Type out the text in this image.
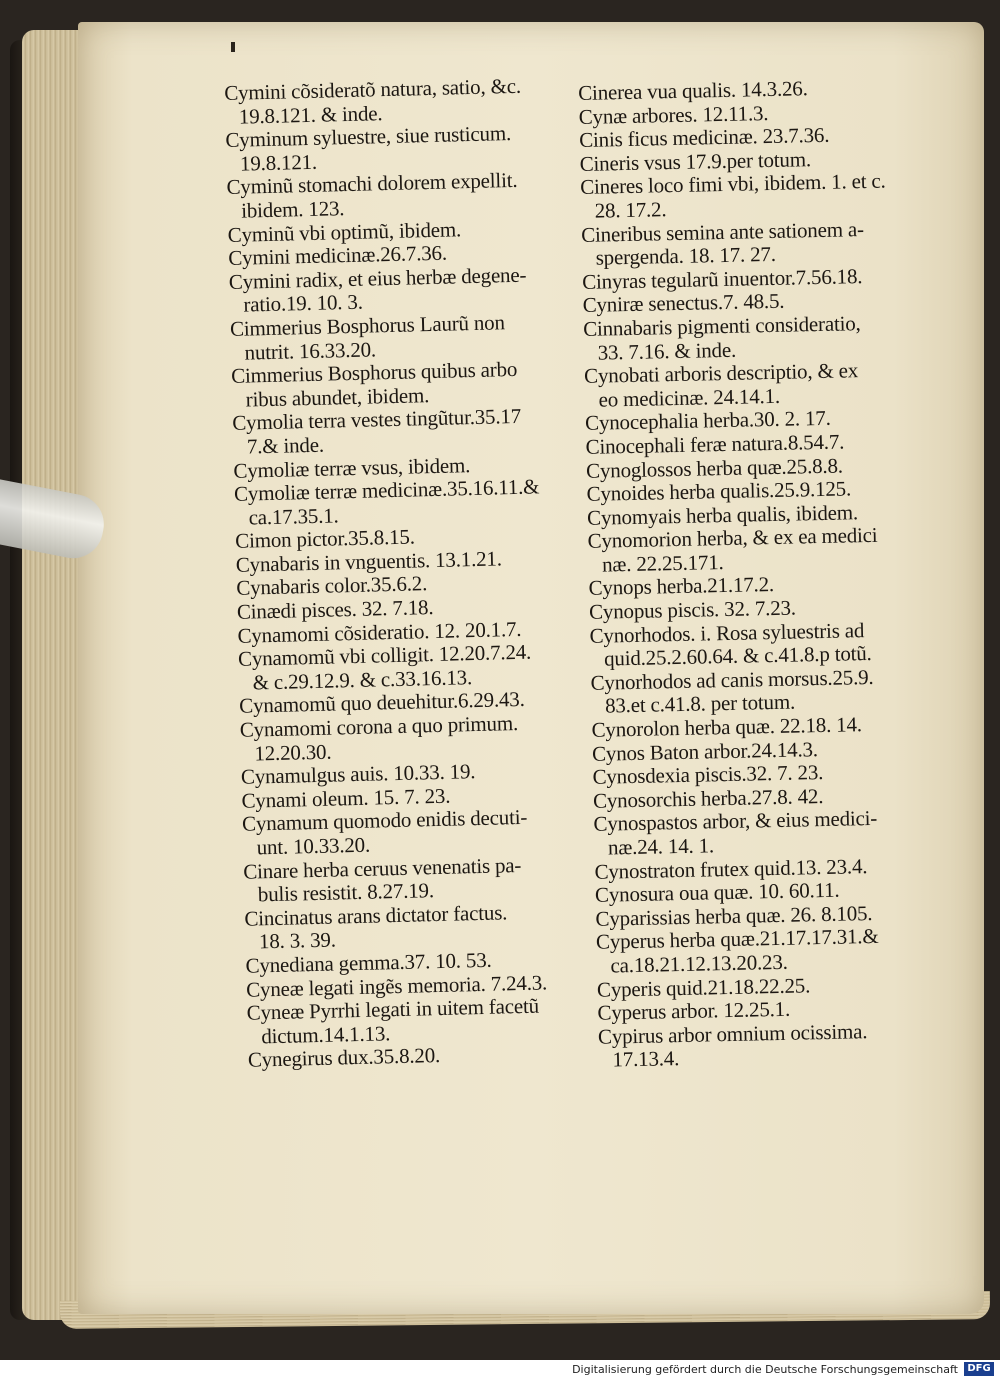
Cymini cõsideratõ natura, satio, &c.
19.8.121. & inde.
Cyminum syluestre, siue rusticum.
19.8.121.
Cyminũ stomachi dolorem expellit.
ibidem. 123.
Cyminũ vbi optimũ, ibidem.
Cymini medicinæ.26.7.36.
Cymini radix, et eius herbæ degene-
ratio.19. 10. 3.
Cimmerius Bosphorus Laurũ non
nutrit. 16.33.20.
Cimmerius Bosphorus quibus arbo
ribus abundet, ibidem.
Cymolia terra vestes tingũtur.35.17
7.& inde.
Cymoliæ terræ vsus, ibidem.
Cymoliæ terræ medicinæ.35.16.11.&
ca.17.35.1.
Cimon pictor.35.8.15.
Cynabaris in vnguentis. 13.1.21.
Cynabaris color.35.6.2.
Cinædi pisces. 32. 7.18.
Cynamomi cõsideratio. 12. 20.1.7.
Cynamomũ vbi colligit. 12.20.7.24.
& c.29.12.9. & c.33.16.13.
Cynamomũ quo deuehitur.6.29.43.
Cynamomi corona a quo primum.
12.20.30.
Cynamulgus auis. 10.33. 19.
Cynami oleum. 15. 7. 23.
Cynamum quomodo enidis decuti-
unt. 10.33.20.
Cinare herba ceruus venenatis pa-
bulis resistit. 8.27.19.
Cincinatus arans dictator factus.
18. 3. 39.
Cynediana gemma.37. 10. 53.
Cyneæ legati ingẽs memoria. 7.24.3.
Cyneæ Pyrrhi legati in uitem facetũ
dictum.14.1.13.
Cynegirus dux.35.8.20.
Cinerea vua qualis. 14.3.26.
Cynæ arbores. 12.11.3.
Cinis ficus medicinæ. 23.7.36.
Cineris vsus 17.9.per totum.
Cineres loco fimi vbi, ibidem. 1. et c.
28. 17.2.
Cineribus semina ante sationem a-
spergenda. 18. 17. 27.
Cinyras tegularũ inuentor.7.56.18.
Cyniræ senectus.7. 48.5.
Cinnabaris pigmenti consideratio,
33. 7.16. & inde.
Cynobati arboris descriptio, & ex
eo medicinæ. 24.14.1.
Cynocephalia herba.30. 2. 17.
Cinocephali feræ natura.8.54.7.
Cynoglossos herba quæ.25.8.8.
Cynoides herba qualis.25.9.125.
Cynomyais herba qualis, ibidem.
Cynomorion herba, & ex ea medici
næ. 22.25.171.
Cynops herba.21.17.2.
Cynopus piscis. 32. 7.23.
Cynorhodos. i. Rosa syluestris ad
quid.25.2.60.64. & c.41.8.p totũ.
Cynorhodos ad canis morsus.25.9.
83.et c.41.8. per totum.
Cynorolon herba quæ. 22.18. 14.
Cynos Baton arbor.24.14.3.
Cynosdexia piscis.32. 7. 23.
Cynosorchis herba.27.8. 42.
Cynospastos arbor, & eius medici-
næ.24. 14. 1.
Cynostraton frutex quid.13. 23.4.
Cynosura oua quæ. 10. 60.11.
Cyparissias herba quæ. 26. 8.105.
Cyperus herba quæ.21.17.17.31.&
ca.18.21.12.13.20.23.
Cyperis quid.21.18.22.25.
Cyperus arbor. 12.25.1.
Cypirus arbor omnium ocissima.
17.13.4.
Digitalisierung gefördert durch die Deutsche Forschungsgemeinschaft DFG
